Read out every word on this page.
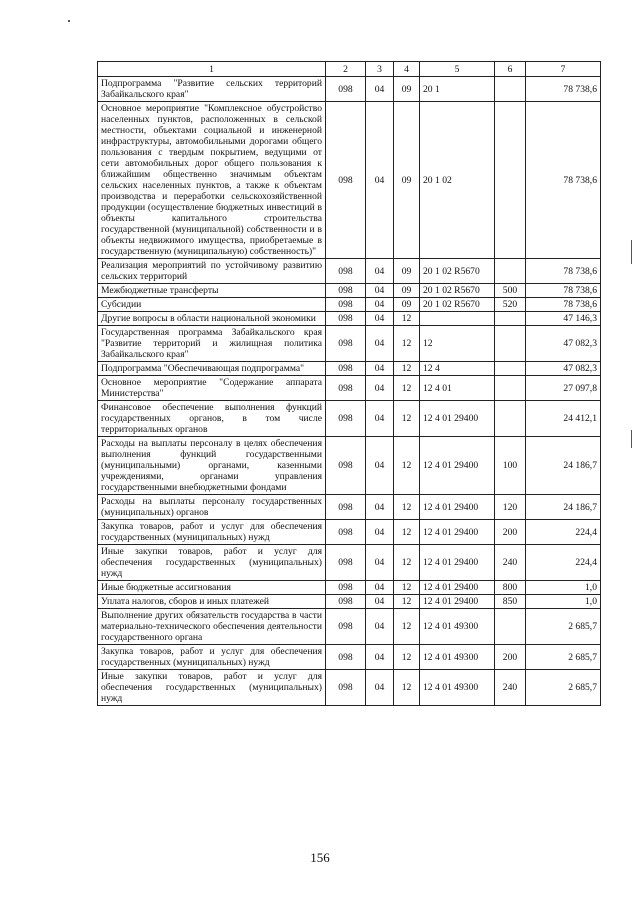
1	2	3	4	5	6	7
Подпрограмма "Развитие сельских территорий Забайкальского края"	098	04	09	20 1		78 738,6
Основное мероприятие "Комплексное обустройство населенных пунктов, расположенных в сельской местности, объектами социальной и инженерной инфраструктуры, автомобильными дорогами общего пользования с твердым покрытием, ведущими от сети автомобильных дорог общего пользования к ближайшим общественно значимым объектам сельских населенных пунктов, а также к объектам производства и переработки сельскохозяйственной продукции (осуществление бюджетных инвестиций в объекты капитального строительства государственной (муниципальной) собственности и в объекты недвижимого имущества, приобретаемые в государственную (муниципальную) собственность)"	098	04	09	20 1 02		78 738,6
Реализация мероприятий по устойчивому развитию сельских территорий	098	04	09	20 1 02 R5670		78 738,6
Межбюджетные трансферты	098	04	09	20 1 02 R5670	500	78 738,6
Субсидии	098	04	09	20 1 02 R5670	520	78 738,6
Другие вопросы в области национальной экономики	098	04	12			47 146,3
Государственная программа Забайкальского края "Развитие территорий и жилищная политика Забайкальского края"	098	04	12	12		47 082,3
Подпрограмма "Обеспечивающая подпрограмма"	098	04	12	12 4		47 082,3
Основное мероприятие "Содержание аппарата Министерства"	098	04	12	12 4 01		27 097,8
Финансовое обеспечение выполнения функций государственных органов, в том числе территориальных органов	098	04	12	12 4 01 29400		24 412,1
Расходы на выплаты персоналу в целях обеспечения выполнения функций государственными (муниципальными) органами, казенными учреждениями, органами управления государственными внебюджетными фондами	098	04	12	12 4 01 29400	100	24 186,7
Расходы на выплаты персоналу государственных (муниципальных) органов	098	04	12	12 4 01 29400	120	24 186,7
Закупка товаров, работ и услуг для обеспечения государственных (муниципальных) нужд	098	04	12	12 4 01 29400	200	224,4
Иные закупки товаров, работ и услуг для обеспечения государственных (муниципальных) нужд	098	04	12	12 4 01 29400	240	224,4
Иные бюджетные ассигнования	098	04	12	12 4 01 29400	800	1,0
Уплата налогов, сборов и иных платежей	098	04	12	12 4 01 29400	850	1,0
Выполнение других обязательств государства в части материально-технического обеспечения деятельности государственного органа	098	04	12	12 4 01 49300		2 685,7
Закупка товаров, работ и услуг для обеспечения государственных (муниципальных) нужд	098	04	12	12 4 01 49300	200	2 685,7
Иные закупки товаров, работ и услуг для обеспечения государственных (муниципальных) нужд	098	04	12	12 4 01 49300	240	2 685,7
156
